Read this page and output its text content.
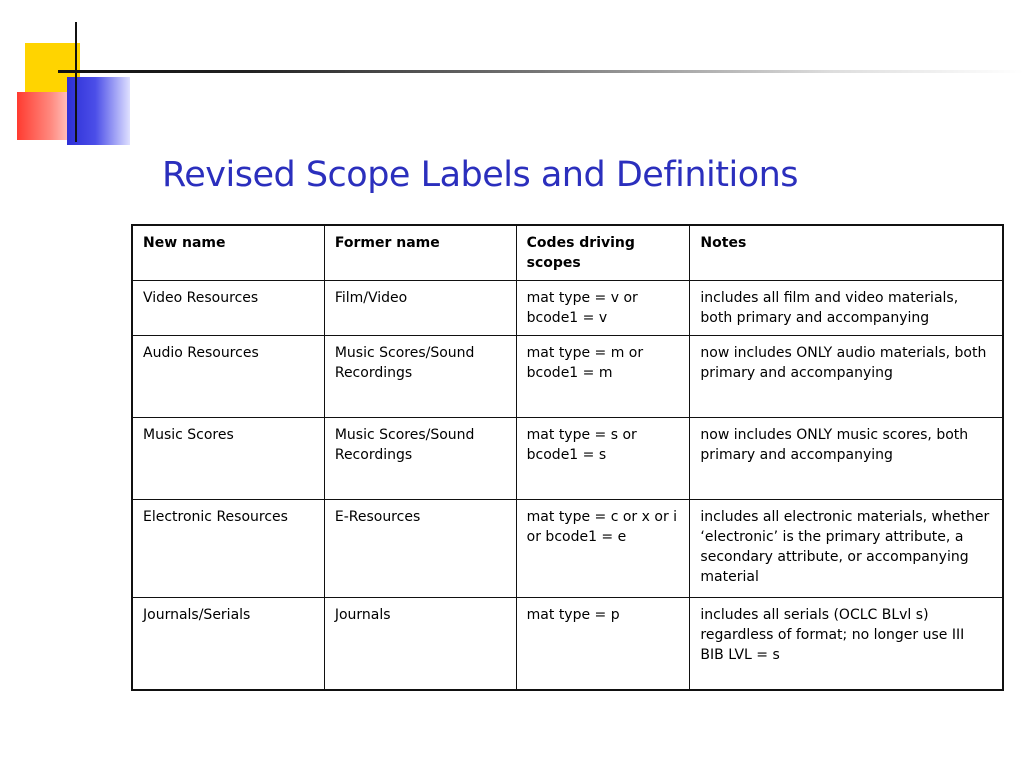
Revised Scope Labels and Definitions
New name	Former name	Codes driving scopes	Notes
Video Resources	Film/Video	mat type = v or bcode1 = v	includes all film and video materials, both primary and accompanying
Audio Resources	Music Scores/Sound Recordings	mat type = m or bcode1 = m	now includes ONLY audio materials, both primary and accompanying
Music Scores	Music Scores/Sound Recordings	mat type = s or bcode1 = s	now includes ONLY music scores, both primary and accompanying
Electronic Resources	E-Resources	mat type = c or x or i or bcode1 = e	includes all electronic materials, whether ‘electronic’ is the primary attribute, a secondary attribute, or accompanying material
Journals/Serials	Journals	mat type = p	includes all serials (OCLC BLvl s) regardless of format; no longer use III BIB LVL = s
